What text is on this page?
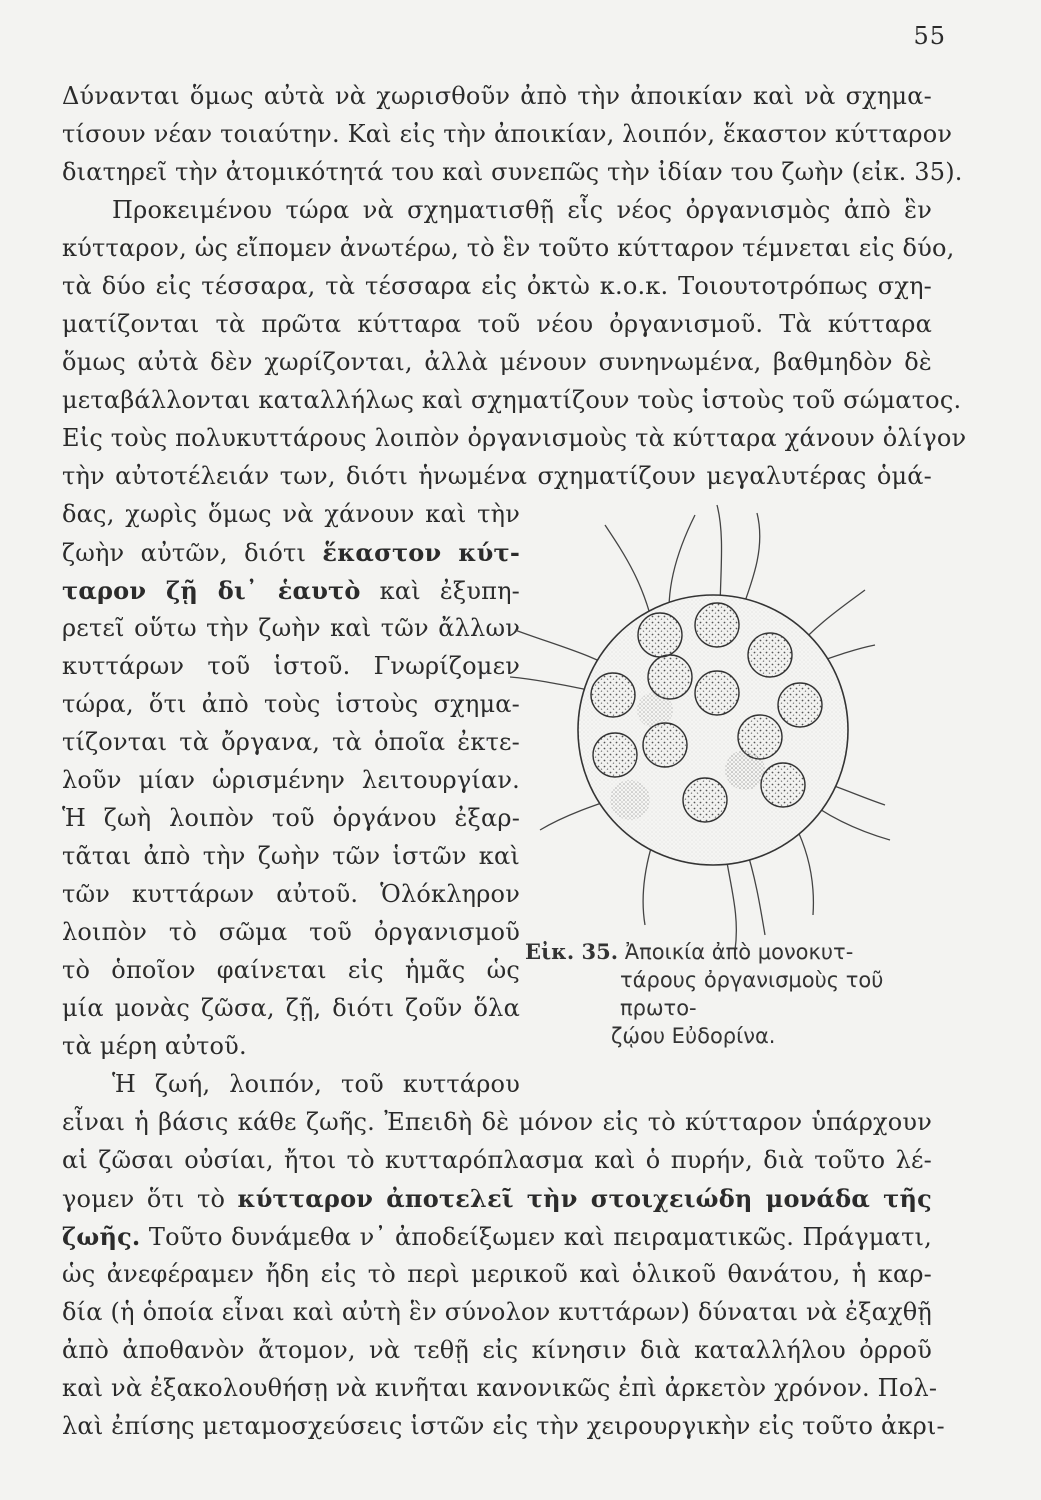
55
Δύνανται ὅμως αὐτὰ νὰ χωρισθοῦν ἀπὸ τὴν ἀποικίαν καὶ νὰ σχημα-
τίσουν νέαν τοιαύτην. Καὶ εἰς τὴν ἀποικίαν, λοιπόν, ἕκαστον κύτταρον
διατηρεῖ τὴν ἀτομικότητά του καὶ συνεπῶς τὴν ἰδίαν του ζωὴν (εἰκ. 35).
Προκειμένου τώρα νὰ σχηματισθῇ εἷς νέος ὀργανισμὸς ἀπὸ ἓν
κύτταρον, ὡς εἴπομεν ἀνωτέρω, τὸ ἓν τοῦτο κύτταρον τέμνεται εἰς δύο,
τὰ δύο εἰς τέσσαρα, τὰ τέσσαρα εἰς ὀκτὼ κ.ο.κ. Τοιουτοτρόπως σχη-
ματίζονται τὰ πρῶτα κύτταρα τοῦ νέου ὀργανισμοῦ. Τὰ κύτταρα
ὅμως αὐτὰ δὲν χωρίζονται, ἀλλὰ μένουν συνηνωμένα, βαθμηδὸν δὲ
μεταβάλλονται καταλλήλως καὶ σχηματίζουν τοὺς ἱστοὺς τοῦ σώματος.
Εἰς τοὺς πολυκυττάρους λοιπὸν ὀργανισμοὺς τὰ κύτταρα χάνουν ὀλίγον
τὴν αὐτοτέλειάν των, διότι ἡνωμένα σχηματίζουν μεγαλυτέρας ὁμά-
δας, χωρὶς ὅμως νὰ χάνουν καὶ τὴν
ζωὴν αὐτῶν, διότι ἕκαστον κύτ-
ταρον ζῇ δι᾿ ἑαυτὸ καὶ ἐξυπη-
ρετεῖ οὕτω τὴν ζωὴν καὶ τῶν ἄλλων
κυττάρων τοῦ ἱστοῦ. Γνωρίζομεν
τώρα, ὅτι ἀπὸ τοὺς ἱστοὺς σχημα-
τίζονται τὰ ὄργανα, τὰ ὁποῖα ἐκτε-
λοῦν μίαν ὡρισμένην λειτουργίαν.
Ἡ ζωὴ λοιπὸν τοῦ ὀργάνου ἐξαρ-
τᾶται ἀπὸ τὴν ζωὴν τῶν ἱστῶν καὶ
τῶν κυττάρων αὐτοῦ. Ὁλόκληρον
λοιπὸν τὸ σῶμα τοῦ ὀργανισμοῦ
τὸ ὁποῖον φαίνεται εἰς ἡμᾶς ὡς
μία μονὰς ζῶσα, ζῇ, διότι ζοῦν ὅλα
τὰ μέρη αὐτοῦ.
Ἡ ζωή, λοιπόν, τοῦ κυττάρου
εἶναι ἡ βάσις κάθε ζωῆς. Ἐπειδὴ δὲ μόνον εἰς τὸ κύτταρον ὑπάρχουν
αἱ ζῶσαι οὐσίαι, ἤτοι τὸ κυτταρόπλασμα καὶ ὁ πυρήν, διὰ τοῦτο λέ-
γομεν ὅτι τὸ κύτταρον ἀποτελεῖ τὴν στοιχειώδη μονάδα τῆς
ζωῆς. Τοῦτο δυνάμεθα ν᾿ ἀποδείξωμεν καὶ πειραματικῶς. Πράγματι,
ὡς ἀνεφέραμεν ἤδη εἰς τὸ περὶ μερικοῦ καὶ ὁλικοῦ θανάτου, ἡ καρ-
δία (ἡ ὁποία εἶναι καὶ αὐτὴ ἓν σύνολον κυττάρων) δύναται νὰ ἐξαχθῇ
ἀπὸ ἀποθανὸν ἄτομον, νὰ τεθῇ εἰς κίνησιν διὰ καταλλήλου ὀρροῦ
καὶ νὰ ἐξακολουθήσῃ νὰ κινῆται κανονικῶς ἐπὶ ἀρκετὸν χρόνον. Πολ-
λαὶ ἐπίσης μεταμοσχεύσεις ἱστῶν εἰς τὴν χειρουργικὴν εἰς τοῦτο ἀκρι-
Εἰκ. 35. Ἀποικία ἀπὸ μονοκυτ-
τάρους ὀργανισμοὺς τοῦ πρωτο-
ζῴου Εὐδορίνα.
